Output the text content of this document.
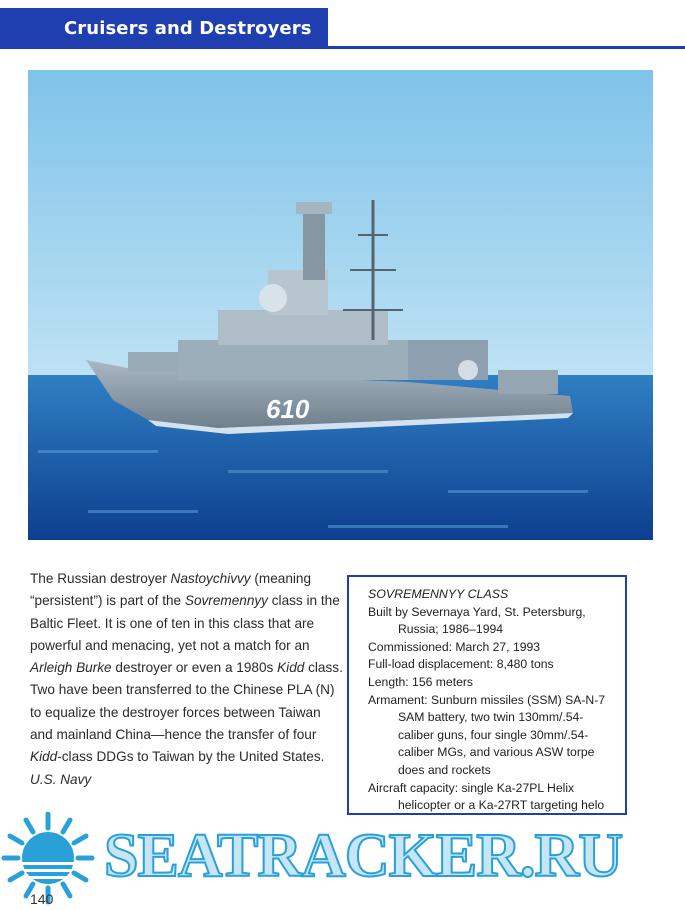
Cruisers and Destroyers
610
The Russian destroyer Nastoychivvy (meaning “persistent”) is part of the Sovremennyy class in the Baltic Fleet. It is one of ten in this class that are powerful and menacing, yet not a match for an Arleigh Burke destroyer or even a 1980s Kidd class. Two have been transferred to the Chinese PLA (N) to equalize the destroyer forces between Taiwan and mainland China—hence the transfer of four Kidd-class DDGs to Taiwan by the United States. U.S. Navy

SOVREMENNYY CLASS

Built by Severnaya Yard, St. Petersburg,

Russia; 1986–1994

Commissioned: March 27, 1993

Full-load displacement: 8,480 tons

Length: 156 meters

Armament: Sunburn missiles (SSM) SA-N-7

SAM battery, two twin 130mm/.54-

caliber guns, four single 30mm/.54-

caliber MGs, and various ASW torpe

does and rockets

Aircraft capacity: single Ka-27PL Helix

helicopter or a Ka-27RT targeting helo

SEATRACKER.RU
140
